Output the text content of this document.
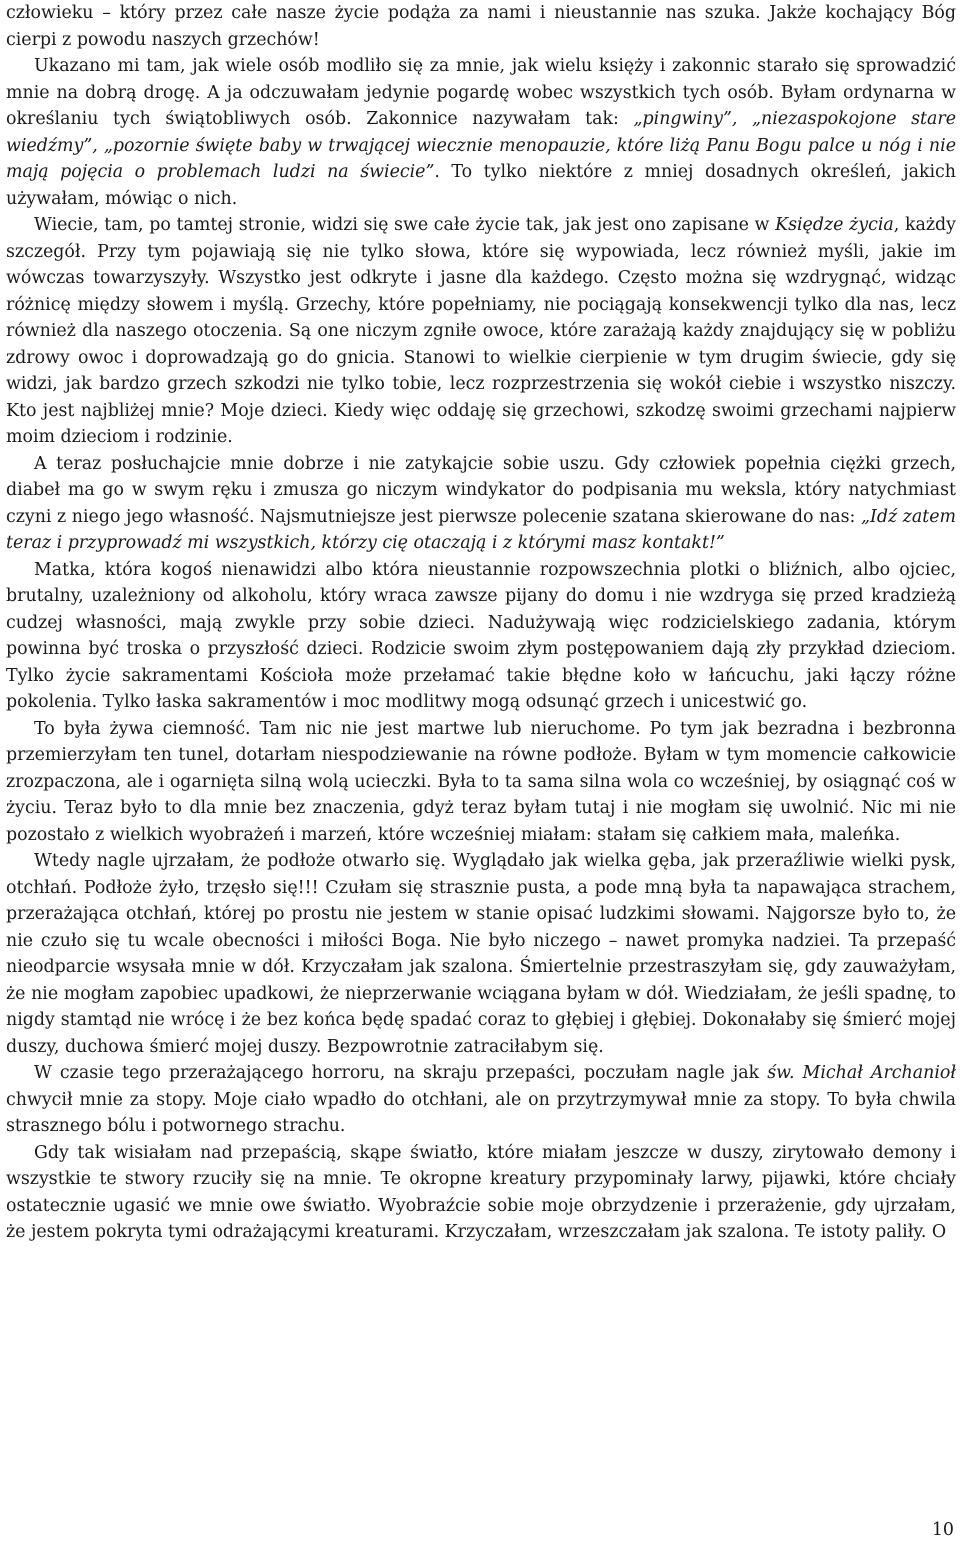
człowieku – który przez całe nasze życie podąża za nami i nieustannie nas szuka. Jakże kochający Bóg cierpi z powodu naszych grzechów!

Ukazano mi tam, jak wiele osób modliło się za mnie, jak wielu księży i zakonnic starało się sprowadzić mnie na dobrą drogę. A ja odczuwałam jedynie pogardę wobec wszystkich tych osób. Byłam ordynarna w określaniu tych świątobliwych osób. Zakonnice nazywałam tak: „pingwiny”, „niezaspokojone stare wiedźmy”, „pozornie święte baby w trwającej wiecznie menopauzie, które liżą Panu Bogu palce u nóg i nie mają pojęcia o problemach ludzi na świecie”. To tylko niektóre z mniej dosadnych określeń, jakich używałam, mówiąc o nich.

Wiecie, tam, po tamtej stronie, widzi się swe całe życie tak, jak jest ono zapisane w Księdze życia, każdy szczegół. Przy tym pojawiają się nie tylko słowa, które się wypowiada, lecz również myśli, jakie im wówczas towarzyszyły. Wszystko jest odkryte i jasne dla każdego. Często można się wzdrygnąć, widząc różnicę między słowem i myślą. Grzechy, które popełniamy, nie pociągają konsekwencji tylko dla nas, lecz również dla naszego otoczenia. Są one niczym zgniłe owoce, które zarażają każdy znajdujący się w pobliżu zdrowy owoc i doprowadzają go do gnicia. Stanowi to wielkie cierpienie w tym drugim świecie, gdy się widzi, jak bardzo grzech szkodzi nie tylko tobie, lecz rozprzestrzenia się wokół ciebie i wszystko niszczy. Kto jest najbliżej mnie? Moje dzieci. Kiedy więc oddaję się grzechowi, szkodzę swoimi grzechami najpierw moim dzieciom i rodzinie.

A teraz posłuchajcie mnie dobrze i nie zatykajcie sobie uszu. Gdy człowiek popełnia ciężki grzech, diabeł ma go w swym ręku i zmusza go niczym windykator do podpisania mu weksla, który natychmiast czyni z niego jego własność. Najsmutniejsze jest pierwsze polecenie szatana skierowane do nas: „Idź zatem teraz i przyprowadź mi wszystkich, którzy cię otaczają i z którymi masz kontakt!”

Matka, która kogoś nienawidzi albo która nieustannie rozpowszechnia plotki o bliźnich, albo ojciec, brutalny, uzależniony od alkoholu, który wraca zawsze pijany do domu i nie wzdryga się przed kradzieżą cudzej własności, mają zwykle przy sobie dzieci. Nadużywają więc rodzicielskiego zadania, którym powinna być troska o przyszłość dzieci. Rodzicie swoim złym postępowaniem dają zły przykład dzieciom. Tylko życie sakramentami Kościoła może przełamać takie błędne koło w łańcuchu, jaki łączy różne pokolenia. Tylko łaska sakramentów i moc modlitwy mogą odsunąć grzech i unicestwić go.

To była żywa ciemność. Tam nic nie jest martwe lub nieruchome. Po tym jak bezradna i bezbronna przemierzyłam ten tunel, dotarłam niespodziewanie na równe podłoże. Byłam w tym momencie całkowicie zrozpaczona, ale i ogarnięta silną wolą ucieczki. Była to ta sama silna wola co wcześniej, by osiągnąć coś w życiu. Teraz było to dla mnie bez znaczenia, gdyż teraz byłam tutaj i nie mogłam się uwolnić. Nic mi nie pozostało z wielkich wyobrażeń i marzeń, które wcześniej miałam: stałam się całkiem mała, maleńka.

Wtedy nagle ujrzałam, że podłoże otwarło się. Wyglądało jak wielka gęba, jak przeraźliwie wielki pysk, otchłań. Podłoże żyło, trzęsło się!!! Czułam się strasznie pusta, a pode mną była ta napawająca strachem, przerażająca otchłań, której po prostu nie jestem w stanie opisać ludzkimi słowami. Najgorsze było to, że nie czuło się tu wcale obecności i miłości Boga. Nie było niczego – nawet promyka nadziei. Ta przepaść nieodparcie wsysała mnie w dół. Krzyczałam jak szalona. Śmiertelnie przestraszyłam się, gdy zauważyłam, że nie mogłam zapobiec upadkowi, że nieprzerwanie wciągana byłam w dół. Wiedziałam, że jeśli spadnę, to nigdy stamtąd nie wrócę i że bez końca będę spadać coraz to głębiej i głębiej. Dokonałaby się śmierć mojej duszy, duchowa śmierć mojej duszy. Bezpowrotnie zatraciłabym się.

W czasie tego przerażającego horroru, na skraju przepaści, poczułam nagle jak św. Michał Archanioł chwycił mnie za stopy. Moje ciało wpadło do otchłani, ale on przytrzymywał mnie za stopy. To była chwila strasznego bólu i potwornego strachu.

Gdy tak wisiałam nad przepaścią, skąpe światło, które miałam jeszcze w duszy, zirytowało demony i wszystkie te stwory rzuciły się na mnie. Te okropne kreatury przypominały larwy, pijawki, które chciały ostatecznie ugasić we mnie owe światło. Wyobraźcie sobie moje obrzydzenie i przerażenie, gdy ujrzałam, że jestem pokryta tymi odrażającymi kreaturami. Krzyczałam, wrzeszczałam jak szalona. Te istoty paliły. O

10
